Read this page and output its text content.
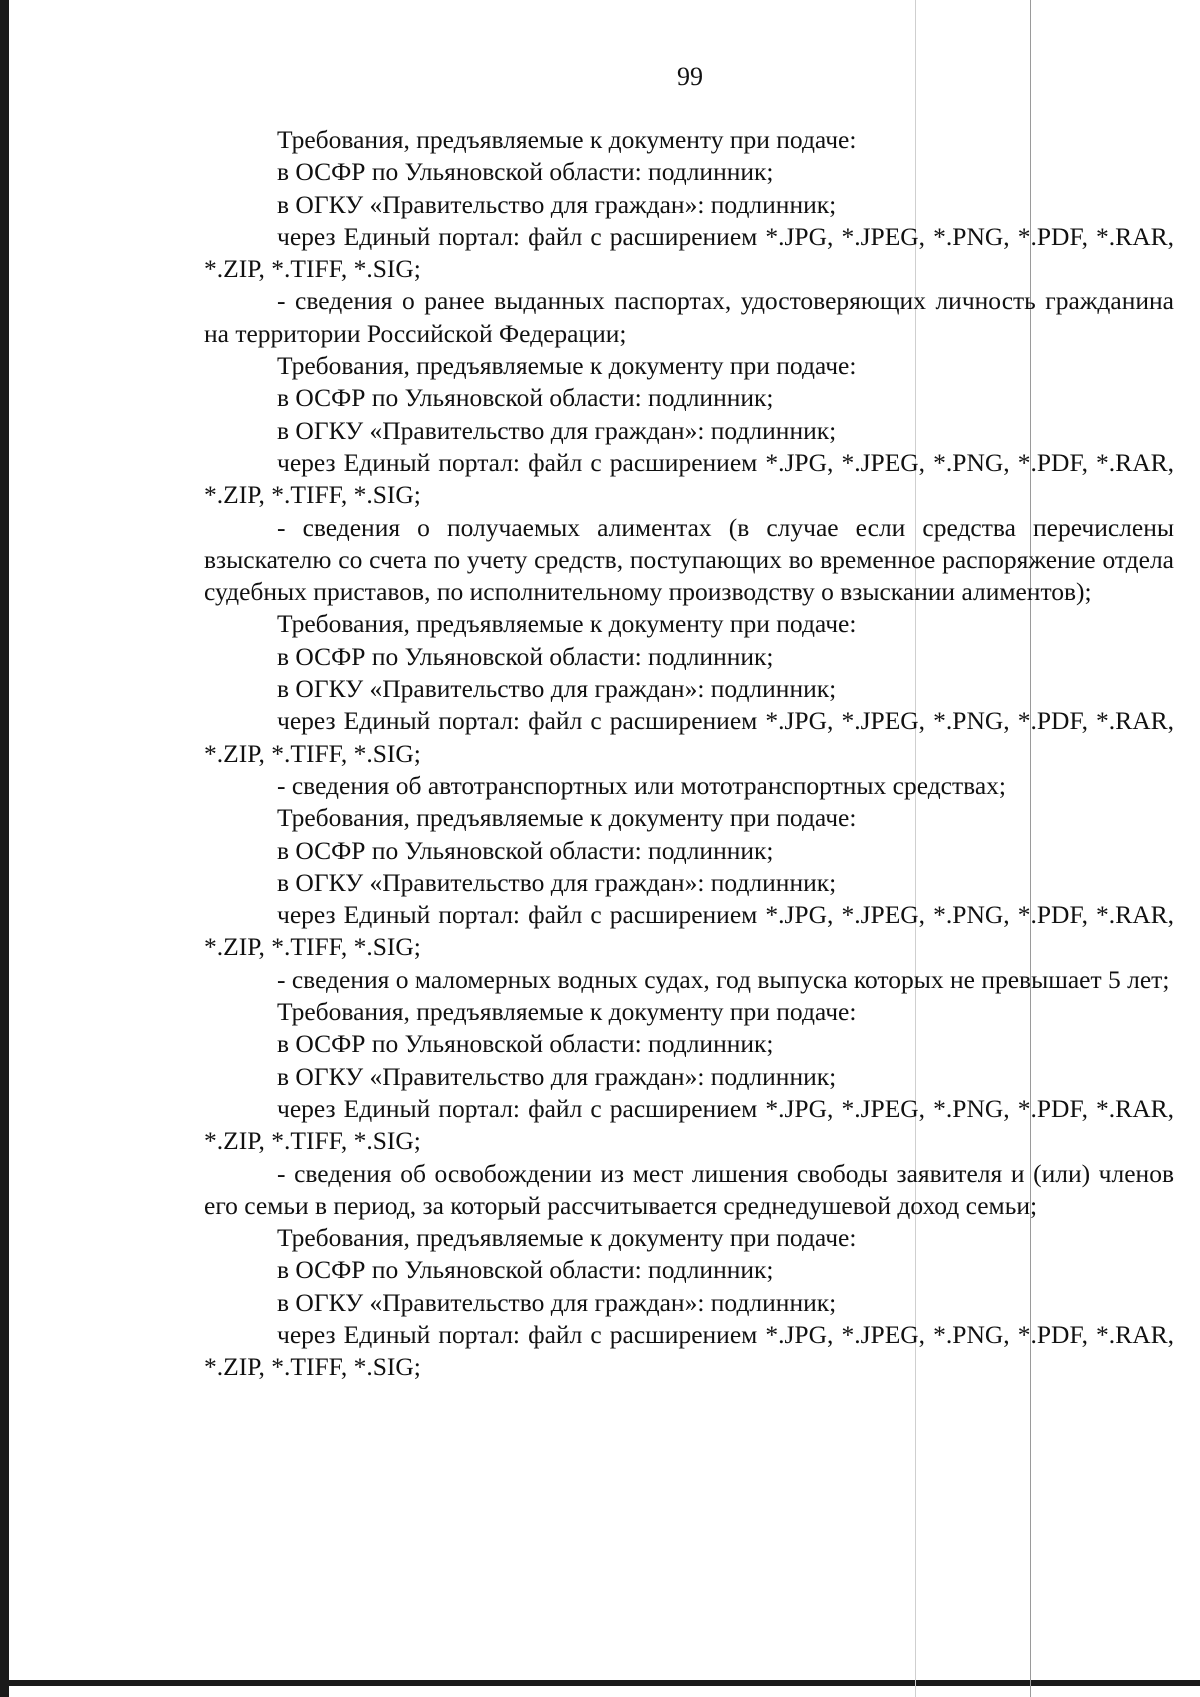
99

Требования, предъявляемые к документу при подаче:

в ОСФР по Ульяновской области: подлинник;

в ОГКУ «Правительство для граждан»: подлинник;

через Единый портал: файл с расширением *.JPG, *.JPEG, *.PNG, *.PDF, *.RAR, *.ZIP, *.TIFF, *.SIG;

- сведения о ранее выданных паспортах, удостоверяющих личность гражданина на территории Российской Федерации;

Требования, предъявляемые к документу при подаче:

в ОСФР по Ульяновской области: подлинник;

в ОГКУ «Правительство для граждан»: подлинник;

через Единый портал: файл с расширением *.JPG, *.JPEG, *.PNG, *.PDF, *.RAR, *.ZIP, *.TIFF, *.SIG;

- сведения о получаемых алиментах (в случае если средства перечислены взыскателю со счета по учету средств, поступающих во временное распоряжение отдела судебных приставов, по исполнительному производству о взыскании алиментов);

Требования, предъявляемые к документу при подаче:

в ОСФР по Ульяновской области: подлинник;

в ОГКУ «Правительство для граждан»: подлинник;

через Единый портал: файл с расширением *.JPG, *.JPEG, *.PNG, *.PDF, *.RAR, *.ZIP, *.TIFF, *.SIG;

- сведения об автотранспортных или мототранспортных средствах;

Требования, предъявляемые к документу при подаче:

в ОСФР по Ульяновской области: подлинник;

в ОГКУ «Правительство для граждан»: подлинник;

через Единый портал: файл с расширением *.JPG, *.JPEG, *.PNG, *.PDF, *.RAR, *.ZIP, *.TIFF, *.SIG;

- сведения о маломерных водных судах, год выпуска которых не превышает 5 лет;

Требования, предъявляемые к документу при подаче:

в ОСФР по Ульяновской области: подлинник;

в ОГКУ «Правительство для граждан»: подлинник;

через Единый портал: файл с расширением *.JPG, *.JPEG, *.PNG, *.PDF, *.RAR, *.ZIP, *.TIFF, *.SIG;

- сведения об освобождении из мест лишения свободы заявителя и (или) членов его семьи в период, за который рассчитывается среднедушевой доход семьи;

Требования, предъявляемые к документу при подаче:

в ОСФР по Ульяновской области: подлинник;

в ОГКУ «Правительство для граждан»: подлинник;

через Единый портал: файл с расширением *.JPG, *.JPEG, *.PNG, *.PDF, *.RAR, *.ZIP, *.TIFF, *.SIG;
